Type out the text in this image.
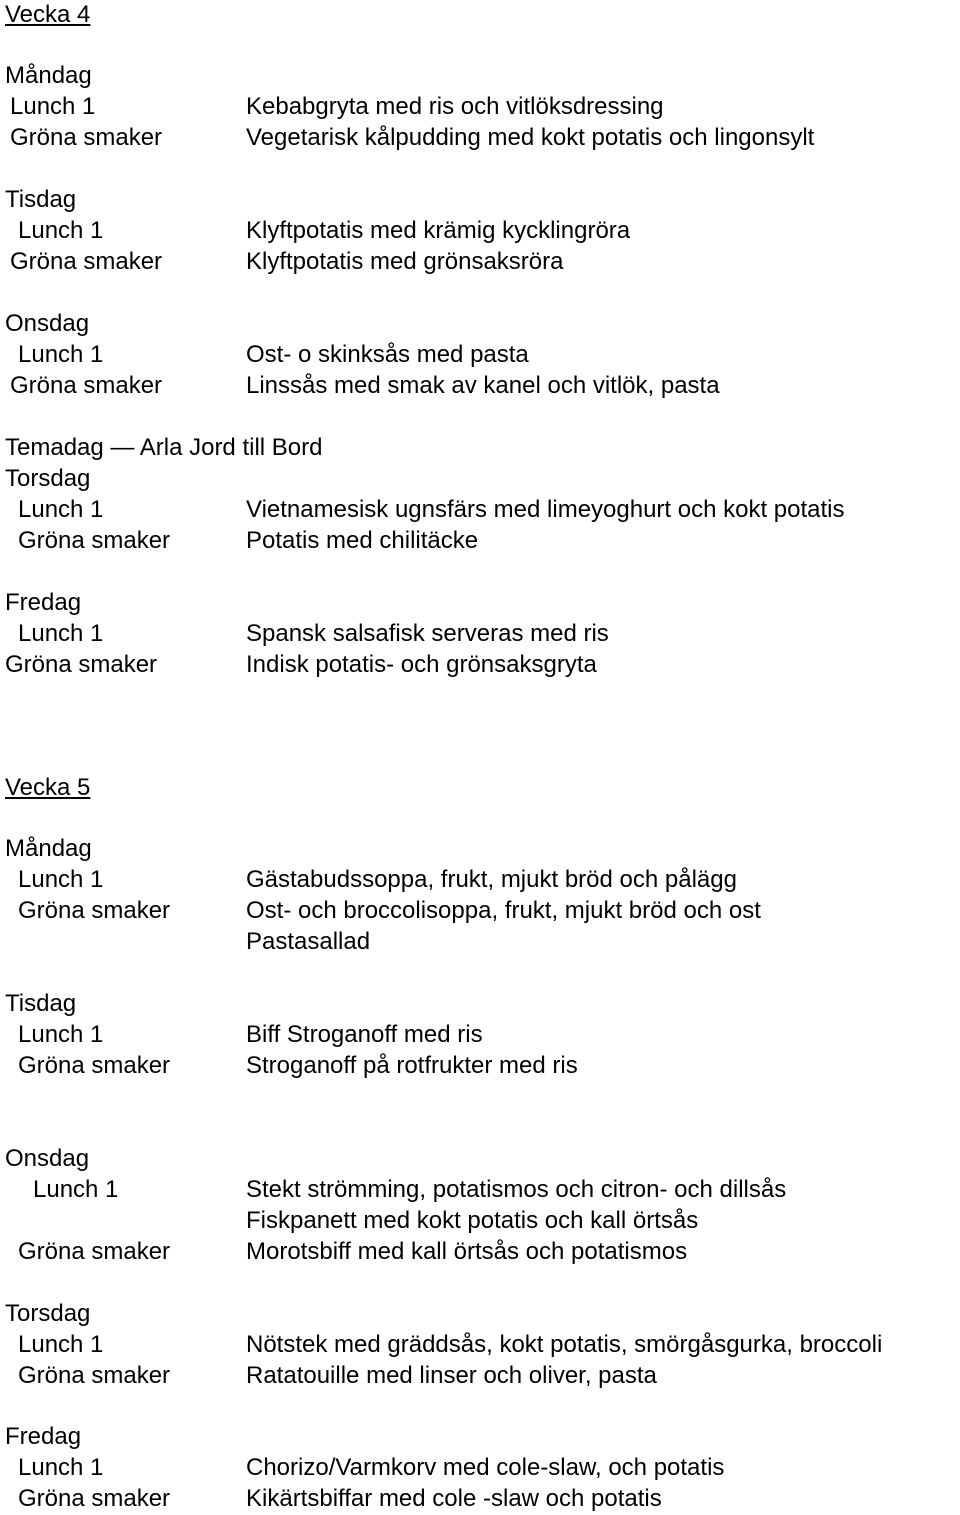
Vecka 4
Måndag
Lunch 1	Kebabgryta med ris och vitlöksdressing
Gröna smaker	Vegetarisk kålpudding med kokt potatis och lingonsylt
Tisdag
Lunch 1	Klyftpotatis med krämig kycklingröra
Gröna smaker	Klyftpotatis med grönsaksröra
Onsdag
Lunch 1	Ost- o skinksås med pasta
Gröna smaker	Linssås med smak av kanel och vitlök, pasta
Temadag — Arla Jord till Bord
Torsdag
Lunch 1	Vietnamesisk ugnsfärs med limeyoghurt och kokt potatis
Gröna smaker	Potatis med chilitäcke
Fredag
Lunch 1	Spansk salsafisk serveras med ris
Gröna smaker	Indisk potatis- och grönsaksgryta
Vecka 5
Måndag
Lunch 1	Gästabudssoppa, frukt, mjukt bröd och pålägg
Gröna smaker	Ost- och broccolisoppa, frukt, mjukt bröd och ost
Pastasallad
Tisdag
Lunch 1	Biff Stroganoff med ris
Gröna smaker	Stroganoff på rotfrukter med ris
Onsdag
Lunch 1	Stekt strömming, potatismos och citron- och dillsås
Fiskpanett med kokt potatis och kall örtsås
Gröna smaker	Morotsbiff med kall örtsås och potatismos
Torsdag
Lunch 1	Nötstek med gräddsås, kokt potatis, smörgåsgurka, broccoli
Gröna smaker	Ratatouille med linser och oliver, pasta
Fredag
Lunch 1	Chorizo/Varmkorv med cole-slaw, och potatis
Gröna smaker	Kikärtsbiffar med cole -slaw och potatis
